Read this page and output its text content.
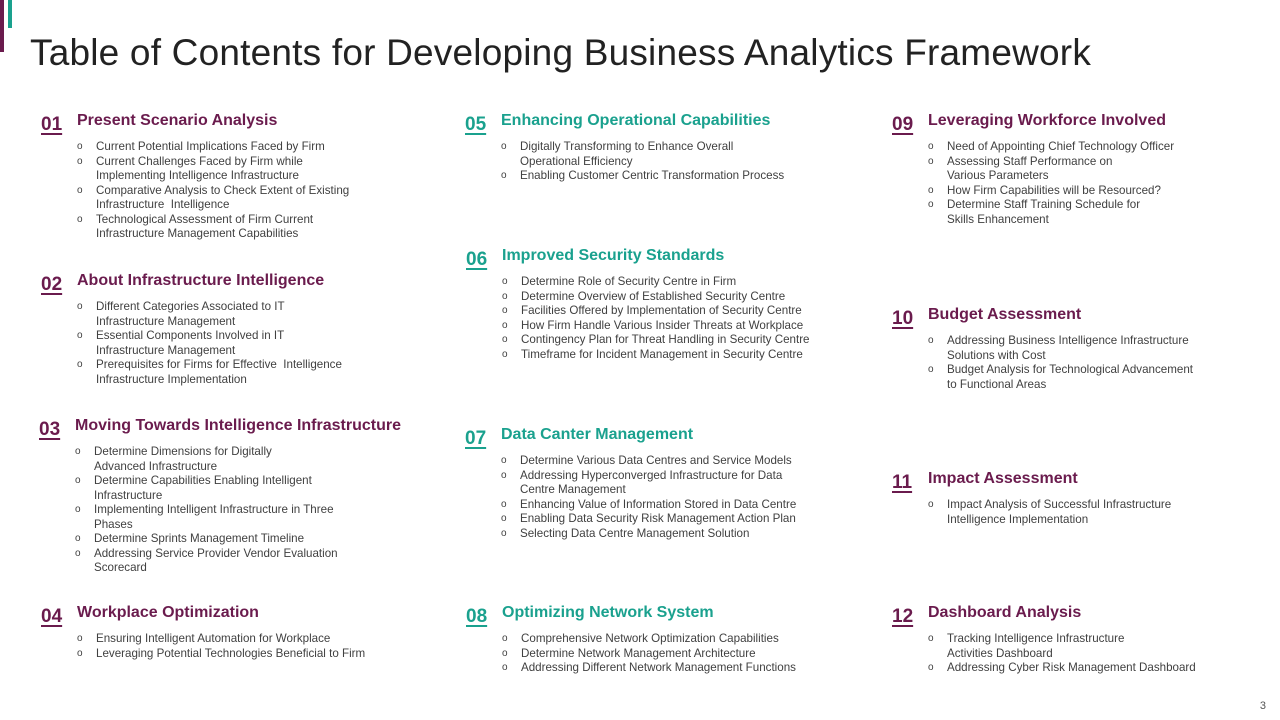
Table of Contents for Developing Business Analytics Framework
01 Present Scenario Analysis
o Current Potential Implications Faced by Firm
o Current Challenges Faced by Firm while
Implementing Intelligence Infrastructure
o Comparative Analysis to Check Extent of Existing
Infrastructure  Intelligence
o Technological Assessment of Firm Current
Infrastructure Management Capabilities
02 About Infrastructure Intelligence
o Different Categories Associated to IT
Infrastructure Management
o Essential Components Involved in IT
Infrastructure Management
o Prerequisites for Firms for Effective  Intelligence
Infrastructure Implementation
03 Moving Towards Intelligence Infrastructure
o Determine Dimensions for Digitally
Advanced Infrastructure
o Determine Capabilities Enabling Intelligent
Infrastructure
o Implementing Intelligent Infrastructure in Three
Phases
o Determine Sprints Management Timeline
o Addressing Service Provider Vendor Evaluation
Scorecard
04 Workplace Optimization
o Ensuring Intelligent Automation for Workplace
o Leveraging Potential Technologies Beneficial to Firm
05 Enhancing Operational Capabilities
o Digitally Transforming to Enhance Overall
Operational Efficiency
o Enabling Customer Centric Transformation Process
06 Improved Security Standards
o Determine Role of Security Centre in Firm
o Determine Overview of Established Security Centre
o Facilities Offered by Implementation of Security Centre
o How Firm Handle Various Insider Threats at Workplace
o Contingency Plan for Threat Handling in Security Centre
o Timeframe for Incident Management in Security Centre
07 Data Canter Management
o Determine Various Data Centres and Service Models
o Addressing Hyperconverged Infrastructure for Data
Centre Management
o Enhancing Value of Information Stored in Data Centre
o Enabling Data Security Risk Management Action Plan
o Selecting Data Centre Management Solution
08 Optimizing Network System
o Comprehensive Network Optimization Capabilities
o Determine Network Management Architecture
o Addressing Different Network Management Functions
09 Leveraging Workforce Involved
o Need of Appointing Chief Technology Officer
o Assessing Staff Performance on
Various Parameters
o How Firm Capabilities will be Resourced?
o Determine Staff Training Schedule for
Skills Enhancement
10 Budget Assessment
o Addressing Business Intelligence Infrastructure
Solutions with Cost
o Budget Analysis for Technological Advancement
to Functional Areas
11 Impact Assessment
o Impact Analysis of Successful Infrastructure
Intelligence Implementation
12 Dashboard Analysis
o Tracking Intelligence Infrastructure
Activities Dashboard
o Addressing Cyber Risk Management Dashboard
3
